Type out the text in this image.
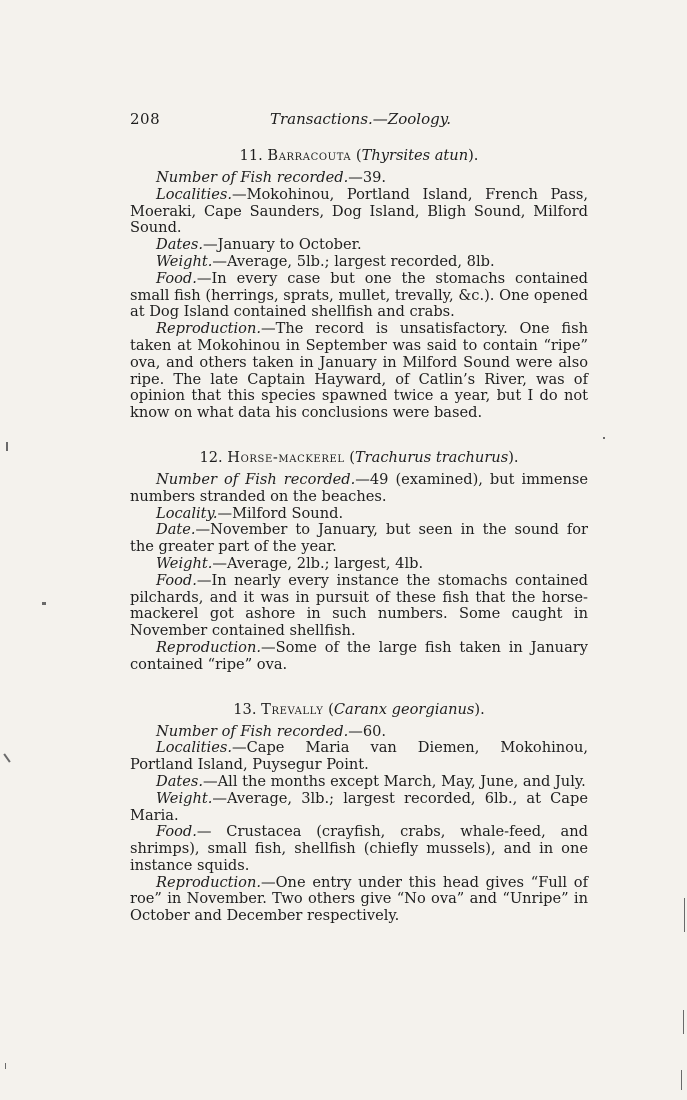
208	Transactions.—Zoology.
11. Barracouta (Thyrsites atun).

Number of Fish recorded.—39.

Localities.—Mokohinou, Portland Island, French Pass, Moeraki, Cape Saunders, Dog Island, Bligh Sound, Milford Sound.

Dates.—January to October.

Weight.—Average, 5lb.; largest recorded, 8lb.

Food.—In every case but one the stomachs contained small fish (herrings, sprats, mullet, trevally, &c.). One opened at Dog Island contained shellfish and crabs.

Reproduction.—The record is unsatisfactory. One fish taken at Mokohinou in September was said to contain “ripe” ova, and others taken in January in Milford Sound were also ripe. The late Captain Hayward, of Catlin’s River, was of opinion that this species spawned twice a year, but I do not know on what data his conclusions were based.

12. Horse-mackerel (Trachurus trachurus).

Number of Fish recorded.—49 (examined), but immense numbers stranded on the beaches.

Locality.—Milford Sound.

Date.—November to January, but seen in the sound for the greater part of the year.

Weight.—Average, 2lb.; largest, 4lb.

Food.—In nearly every instance the stomachs contained pilchards, and it was in pursuit of these fish that the horse-mackerel got ashore in such numbers. Some caught in November contained shellfish.

Reproduction.—Some of the large fish taken in January contained “ripe” ova.

13. Trevally (Caranx georgianus).

Number of Fish recorded.—60.

Localities.—Cape Maria van Diemen, Mokohinou, Portland Island, Puysegur Point.

Dates.—All the months except March, May, June, and July.

Weight.—Average, 3lb.; largest recorded, 6lb., at Cape Maria.

Food.— Crustacea (crayfish, crabs, whale-feed, and shrimps), small fish, shellfish (chiefly mussels), and in one instance squids.

Reproduction.—One entry under this head gives “Full of roe” in November. Two others give “No ova” and “Unripe” in October and December respectively.
